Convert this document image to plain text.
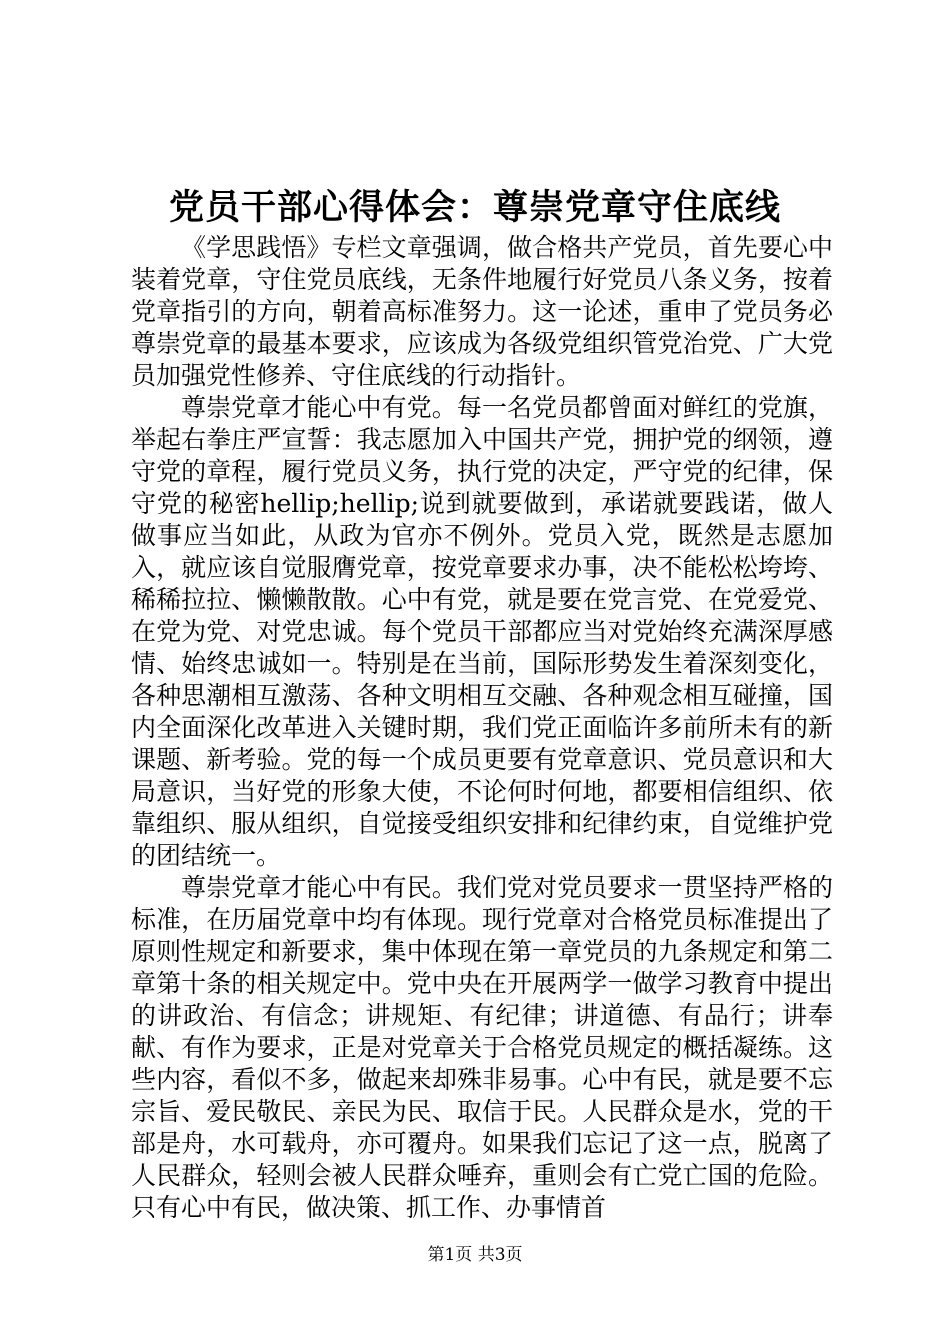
党员干部心得体会：尊崇党章守住底线

《学思践悟》专栏文章强调，做合格共产党员，首先要心中装着党章，守住党员底线，无条件地履行好党员八条义务，按着党章指引的方向，朝着高标准努力。这一论述，重申了党员务必尊崇党章的最基本要求，应该成为各级党组织管党治党、广大党员加强党性修养、守住底线的行动指针。

尊崇党章才能心中有党。每一名党员都曾面对鲜红的党旗，举起右拳庄严宣誓：我志愿加入中国共产党，拥护党的纲领，遵守党的章程，履行党员义务，执行党的决定，严守党的纪律，保守党的秘密hellip;hellip;说到就要做到，承诺就要践诺，做人做事应当如此，从政为官亦不例外。党员入党，既然是志愿加入，就应该自觉服膺党章，按党章要求办事，决不能松松垮垮、稀稀拉拉、懒懒散散。心中有党，就是要在党言党、在党爱党、在党为党、对党忠诚。每个党员干部都应当对党始终充满深厚感情、始终忠诚如一。特别是在当前，国际形势发生着深刻变化，各种思潮相互激荡、各种文明相互交融、各种观念相互碰撞，国内全面深化改革进入关键时期，我们党正面临许多前所未有的新课题、新考验。党的每一个成员更要有党章意识、党员意识和大局意识，当好党的形象大使，不论何时何地，都要相信组织、依靠组织、服从组织，自觉接受组织安排和纪律约束，自觉维护党的团结统一。

尊崇党章才能心中有民。我们党对党员要求一贯坚持严格的标准，在历届党章中均有体现。现行党章对合格党员标准提出了原则性规定和新要求，集中体现在第一章党员的九条规定和第二章第十条的相关规定中。党中央在开展两学一做学习教育中提出的讲政治、有信念；讲规矩、有纪律；讲道德、有品行；讲奉献、有作为要求，正是对党章关于合格党员规定的概括凝练。这些内容，看似不多，做起来却殊非易事。心中有民，就是要不忘宗旨、爱民敬民、亲民为民、取信于民。人民群众是水，党的干部是舟，水可载舟，亦可覆舟。如果我们忘记了这一点，脱离了人民群众，轻则会被人民群众唾弃，重则会有亡党亡国的危险。只有心中有民，做决策、抓工作、办事情首

第1页 共3页
